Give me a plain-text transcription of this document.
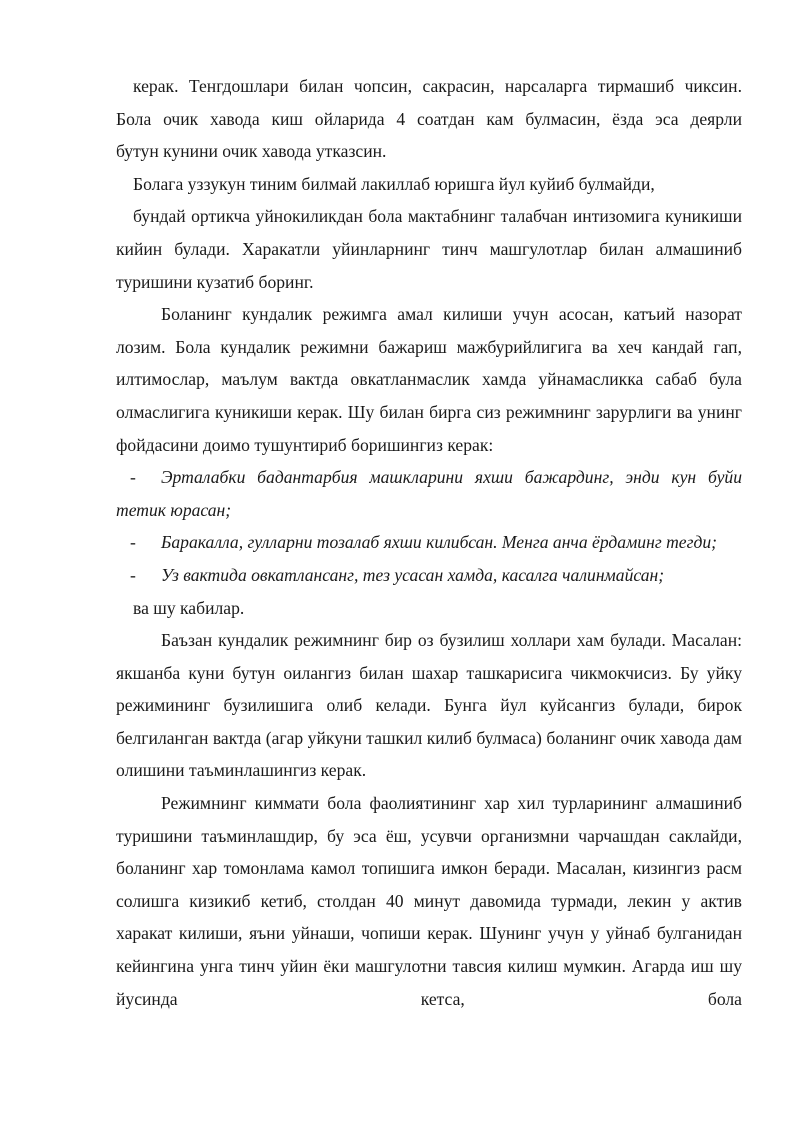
керак. Тенгдошлари билан чопсин, сакрасин, нарсаларга тирмашиб чиксин.

Бола очик хавода киш ойларида 4 соатдан кам булмасин, ёзда эса деярли

бутун кунини очик хавода утказсин.

Болага уззукун тиним билмай лакиллаб юришга йул куйиб булмайди,

бундай ортикча уйнокиликдан бола мактабнинг талабчан интизомига куникиши кийин булади. Харакатли уйинларнинг тинч машгулотлар билан алмашиниб туришини кузатиб боринг.

Боланинг кундалик режимга амал килиши учун асосан, катъий назорат лозим. Бола кундалик режимни бажариш мажбурийлигига ва хеч кандай гап, илтимослар, маълум вактда овкатланмаслик хамда уйнамасликка сабаб була олмаслигига куникиши керак. Шу билан бирга сиз режимнинг зарурлиги ва унинг фойдасини доимо тушунтириб боришингиз керак:

- Эрталабки бадантарбия машкларини яхши бажардинг, энди кун буйи тетик юрасан;
- Баракалла, гулларни тозалаб яхши килибсан. Менга анча ёрдаминг тегди;
- Уз вактида овкатлансанг, тез усасан хамда, касалга чалинмайсан;

ва шу кабилар.

Баъзан кундалик режимнинг бир оз бузилиш холлари хам булади. Масалан: якшанба куни бутун оилангиз билан шахар ташкарисига чикмокчисиз. Бу уйку режимининг бузилишига олиб келади. Бунга йул куйсангиз булади, бирок белгиланган вактда (агар уйкуни ташкил килиб булмаса) боланинг очик хавода дам олишини таъминлашингиз керак.

Режимнинг киммати бола фаолиятининг хар хил турларининг алмашиниб туришини таъминлашдир, бу эса ёш, усувчи организмни чарчашдан саклайди, боланинг хар томонлама камол топишига имкон беради. Масалан, кизингиз расм солишга кизикиб кетиб, столдан 40 минут давомида турмади, лекин у актив харакат килиши, яъни уйнаши, чопиши керак. Шунинг учун у уйнаб булганидан кейингина унга тинч уйин ёки машгулотни тавсия килиш мумкин. Агарда иш шу йусинда кетса, бола
